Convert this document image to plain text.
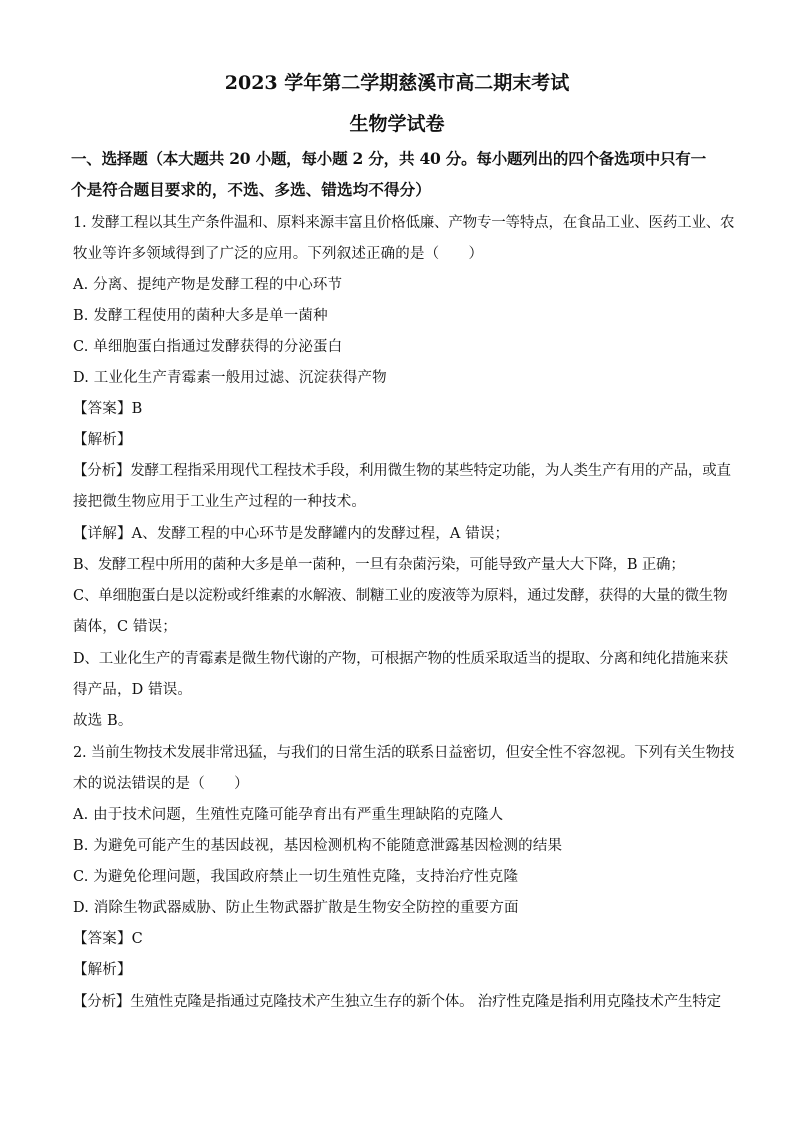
2023 学年第二学期慈溪市高二期末考试
生物学试卷
一、选择题（本大题共 20 小题，每小题 2 分，共 40 分。每小题列出的四个备选项中只有一
个是符合题目要求的，不选、多选、错选均不得分）
1. 发酵工程以其生产条件温和、原料来源丰富且价格低廉、产物专一等特点，在食品工业、医药工业、农
牧业等许多领域得到了广泛的应用。下列叙述正确的是（　　）
A. 分离、提纯产物是发酵工程的中心环节
B. 发酵工程使用的菌种大多是单一菌种
C. 单细胞蛋白指通过发酵获得的分泌蛋白
D. 工业化生产青霉素一般用过滤、沉淀获得产物
【答案】B
【解析】
【分析】发酵工程指采用现代工程技术手段，利用微生物的某些特定功能，为人类生产有用的产品，或直
接把微生物应用于工业生产过程的一种技术。
【详解】A、发酵工程的中心环节是发酵罐内的发酵过程，A 错误；
B、发酵工程中所用的菌种大多是单一菌种，一旦有杂菌污染，可能导致产量大大下降，B 正确；
C、单细胞蛋白是以淀粉或纤维素的水解液、制糖工业的废液等为原料，通过发酵，获得的大量的微生物
菌体，C 错误；
D、工业化生产的青霉素是微生物代谢的产物，可根据产物的性质采取适当的提取、分离和纯化措施来获
得产品，D 错误。
故选 B。
2. 当前生物技术发展非常迅猛，与我们的日常生活的联系日益密切，但安全性不容忽视。下列有关生物技
术的说法错误的是（　　）
A. 由于技术问题，生殖性克隆可能孕育出有严重生理缺陷的克隆人
B. 为避免可能产生的基因歧视，基因检测机构不能随意泄露基因检测的结果
C. 为避免伦理问题，我国政府禁止一切生殖性克隆，支持治疗性克隆
D. 消除生物武器威胁、防止生物武器扩散是生物安全防控的重要方面
【答案】C
【解析】
【分析】生殖性克隆是指通过克隆技术产生独立生存的新个体。 治疗性克隆是指利用克隆技术产生特定
